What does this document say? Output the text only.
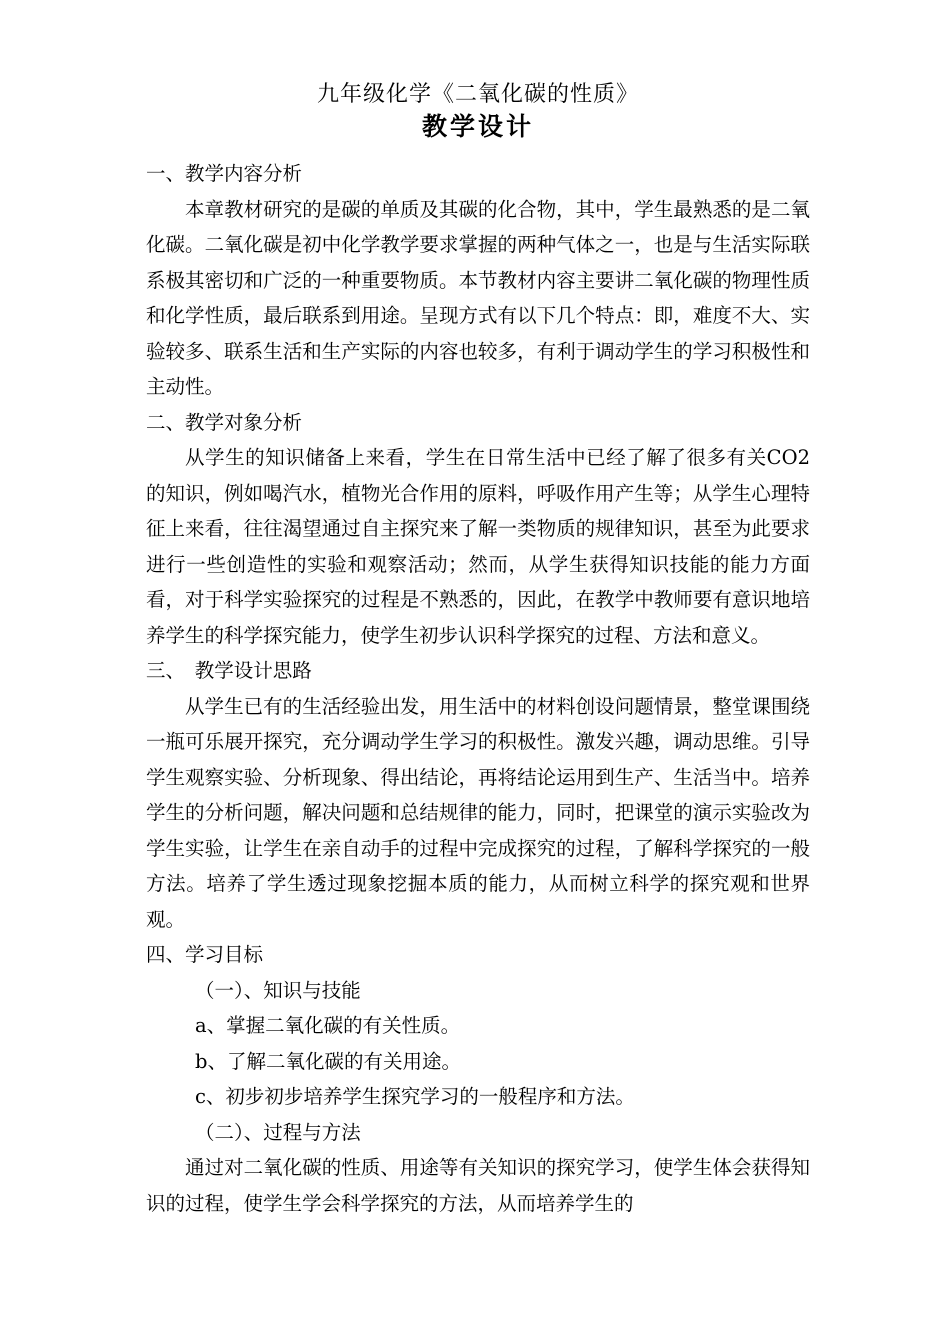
九年级化学《二氧化碳的性质》

教学设计

一、教学内容分析

本章教材研究的是碳的单质及其碳的化合物，其中，学生最熟悉的是二氧化碳。二氧化碳是初中化学教学要求掌握的两种气体之一，也是与生活实际联系极其密切和广泛的一种重要物质。本节教材内容主要讲二氧化碳的物理性质和化学性质，最后联系到用途。呈现方式有以下几个特点：即，难度不大、实验较多、联系生活和生产实际的内容也较多，有利于调动学生的学习积极性和主动性。

二、教学对象分析

从学生的知识储备上来看，学生在日常生活中已经了解了很多有关CO2的知识，例如喝汽水，植物光合作用的原料，呼吸作用产生等；从学生心理特征上来看，往往渴望通过自主探究来了解一类物质的规律知识，甚至为此要求进行一些创造性的实验和观察活动；然而，从学生获得知识技能的能力方面看，对于科学实验探究的过程是不熟悉的，因此，在教学中教师要有意识地培养学生的科学探究能力，使学生初步认识科学探究的过程、方法和意义。

三、　教学设计思路

从学生已有的生活经验出发，用生活中的材料创设问题情景，整堂课围绕一瓶可乐展开探究，充分调动学生学习的积极性。激发兴趣，调动思维。引导学生观察实验、分析现象、得出结论，再将结论运用到生产、生活当中。培养学生的分析问题，解决问题和总结规律的能力，同时，把课堂的演示实验改为学生实验，让学生在亲自动手的过程中完成探究的过程，了解科学探究的一般方法。培养了学生透过现象挖掘本质的能力，从而树立科学的探究观和世界观。

四、学习目标

（一）、知识与技能

a、掌握二氧化碳的有关性质。

b、了解二氧化碳的有关用途。

c、初步初步培养学生探究学习的一般程序和方法。

（二）、过程与方法

通过对二氧化碳的性质、用途等有关知识的探究学习，使学生体会获得知识的过程，使学生学会科学探究的方法，从而培养学生的
